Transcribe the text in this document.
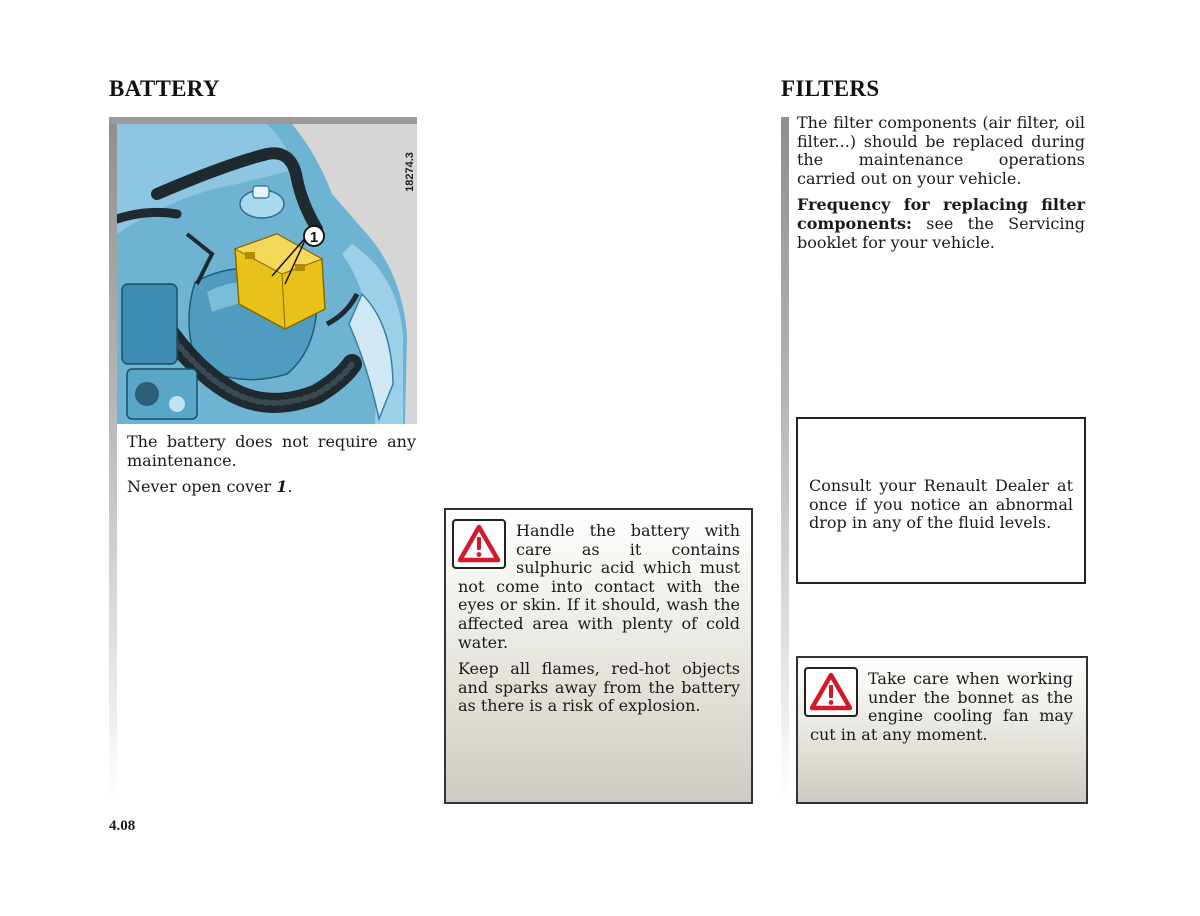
BATTERY	FILTERS
1
18274.3

The battery does not require any maintenance.

Never open cover 1.

Handle the battery with care as it contains sulphuric acid which must not come into contact with the eyes or skin. If it should, wash the affected area with plenty of cold water.

Keep all flames, red-hot objects and sparks away from the battery as there is a risk of explosion.

The filter components (air filter, oil filter...) should be replaced during the maintenance operations carried out on your vehicle.

Frequency for replacing filter components: see the Servicing booklet for your vehicle.

Consult your Renault Dealer at once if you notice an abnormal drop in any of the fluid levels.

Take care when working under the bonnet as the engine cooling fan may cut in at any moment.

4.08
